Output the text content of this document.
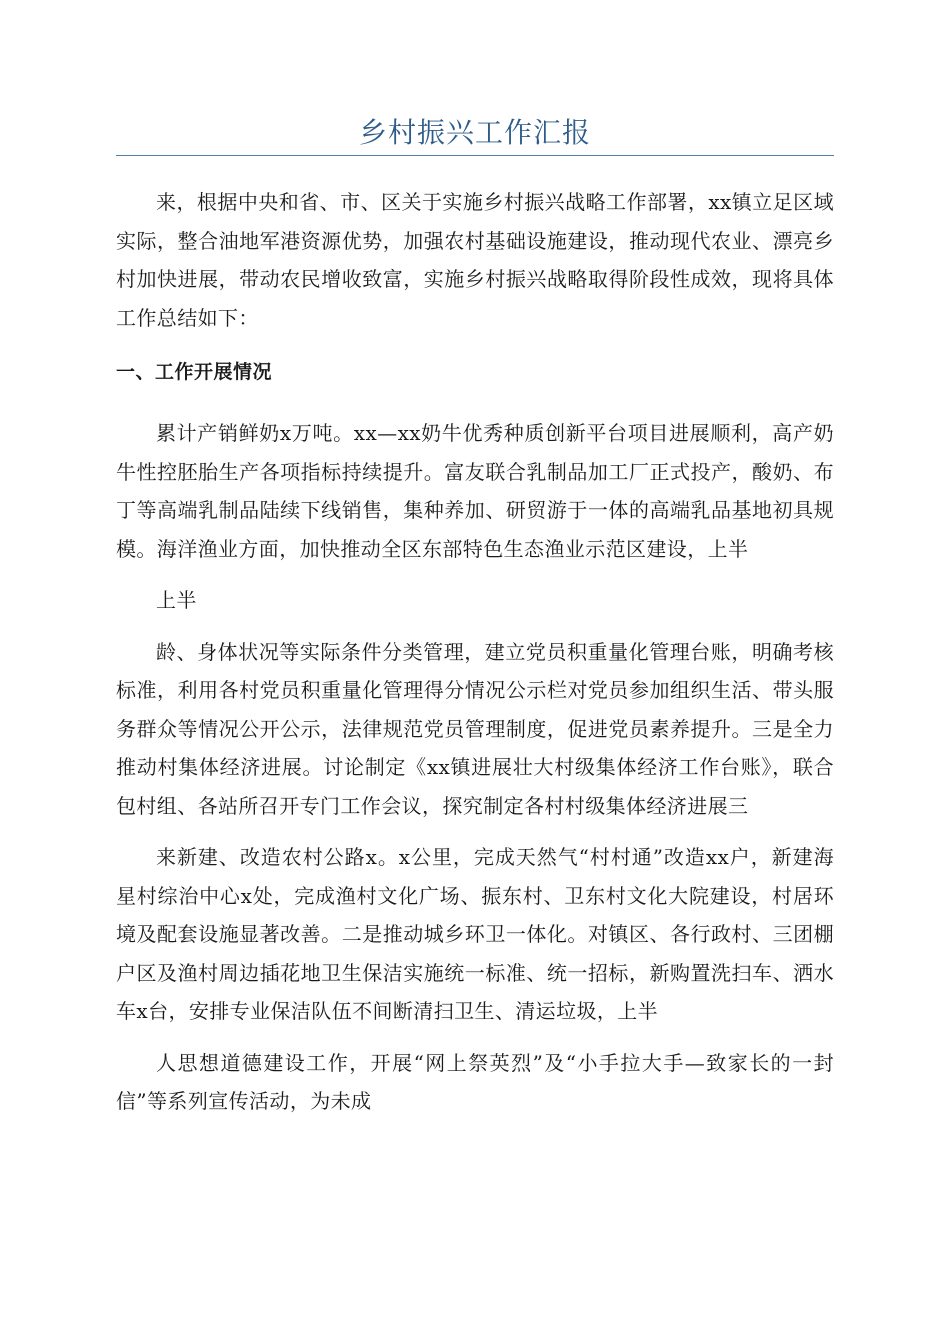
乡村振兴工作汇报

来，根据中央和省、市、区关于实施乡村振兴战略工作部署，xx镇立足区域实际，整合油地军港资源优势，加强农村基础设施建设，推动现代农业、漂亮乡村加快进展，带动农民增收致富，实施乡村振兴战略取得阶段性成效，现将具体工作总结如下：

一、工作开展情况

累计产销鲜奶x万吨。xx—xx奶牛优秀种质创新平台项目进展顺利，高产奶牛性控胚胎生产各项指标持续提升。富友联合乳制品加工厂正式投产，酸奶、布丁等高端乳制品陆续下线销售，集种养加、研贸游于一体的高端乳品基地初具规模。海洋渔业方面，加快推动全区东部特色生态渔业示范区建设，上半

上半

龄、身体状况等实际条件分类管理，建立党员积重量化管理台账，明确考核标准，利用各村党员积重量化管理得分情况公示栏对党员参加组织生活、带头服务群众等情况公开公示，法律规范党员管理制度，促进党员素养提升。三是全力推动村集体经济进展。讨论制定《xx镇进展壮大村级集体经济工作台账》，联合包村组、各站所召开专门工作会议，探究制定各村村级集体经济进展三

来新建、改造农村公路x。x公里，完成天然气“村村通”改造xx户，新建海星村综治中心x处，完成渔村文化广场、振东村、卫东村文化大院建设，村居环境及配套设施显著改善。二是推动城乡环卫一体化。对镇区、各行政村、三团棚户区及渔村周边插花地卫生保洁实施统一标准、统一招标，新购置洗扫车、洒水车x台，安排专业保洁队伍不间断清扫卫生、清运垃圾，上半

人思想道德建设工作，开展“网上祭英烈”及“小手拉大手—致家长的一封信”等系列宣传活动，为未成
